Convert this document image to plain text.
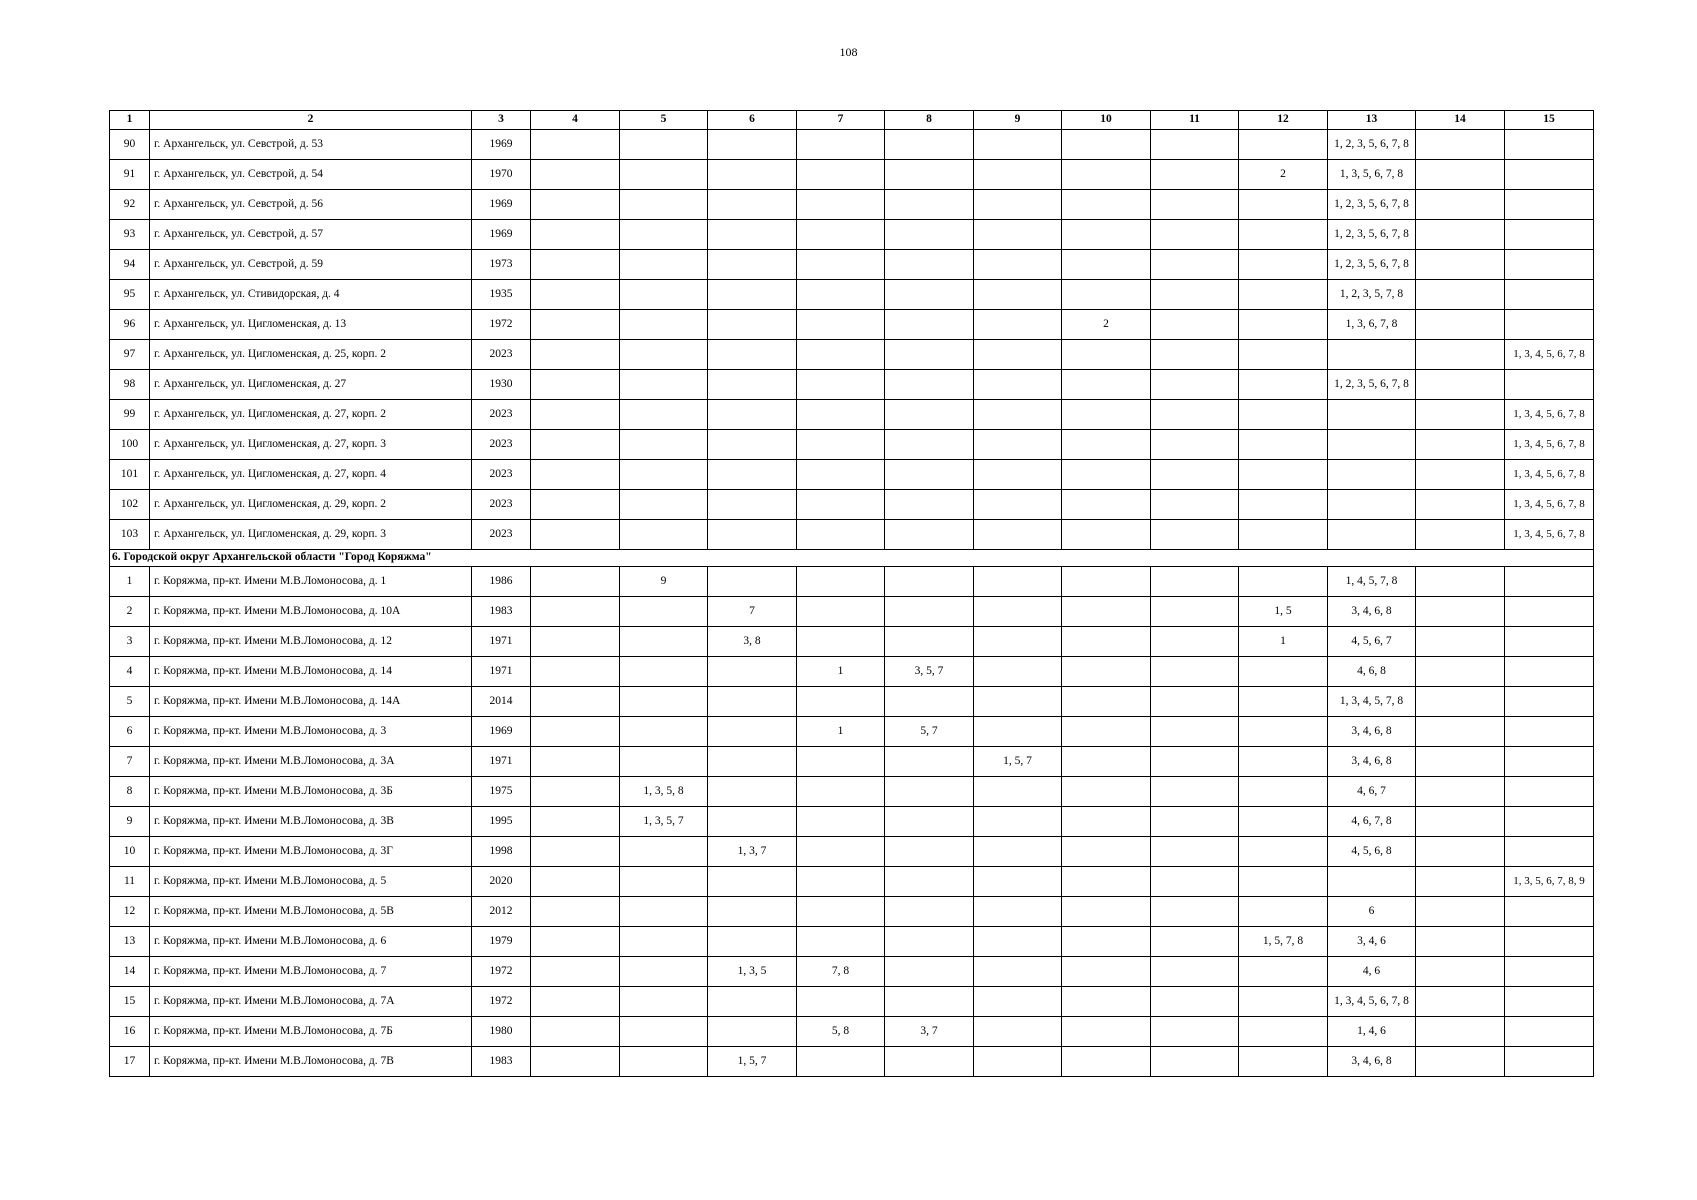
108
1	2	3	4	5	6	7	8	9	10	11	12	13	14	15
90	г. Архангельск, ул. Севстрой, д. 53	1969										1, 2, 3, 5, 6, 7, 8		
91	г. Архангельск, ул. Севстрой, д. 54	1970									2	1, 3, 5, 6, 7, 8		
92	г. Архангельск, ул. Севстрой, д. 56	1969										1, 2, 3, 5, 6, 7, 8		
93	г. Архангельск, ул. Севстрой, д. 57	1969										1, 2, 3, 5, 6, 7, 8		
94	г. Архангельск, ул. Севстрой, д. 59	1973										1, 2, 3, 5, 6, 7, 8		
95	г. Архангельск, ул. Стивидорская, д. 4	1935										1, 2, 3, 5, 7, 8		
96	г. Архангельск, ул. Цигломенская, д. 13	1972							2			1, 3, 6, 7, 8		
97	г. Архангельск, ул. Цигломенская, д. 25, корп. 2	2023												1, 3, 4, 5, 6, 7, 8
98	г. Архангельск, ул. Цигломенская, д. 27	1930										1, 2, 3, 5, 6, 7, 8		
99	г. Архангельск, ул. Цигломенская, д. 27, корп. 2	2023												1, 3, 4, 5, 6, 7, 8
100	г. Архангельск, ул. Цигломенская, д. 27, корп. 3	2023												1, 3, 4, 5, 6, 7, 8
101	г. Архангельск, ул. Цигломенская, д. 27, корп. 4	2023												1, 3, 4, 5, 6, 7, 8
102	г. Архангельск, ул. Цигломенская, д. 29, корп. 2	2023												1, 3, 4, 5, 6, 7, 8
103	г. Архангельск, ул. Цигломенская, д. 29, корп. 3	2023												1, 3, 4, 5, 6, 7, 8
6. Городской округ Архангельской области "Город Коряжма"														
1	г. Коряжма, пр-кт. Имени М.В.Ломоносова, д. 1	1986		9								1, 4, 5, 7, 8		
2	г. Коряжма, пр-кт. Имени М.В.Ломоносова, д. 10А	1983			7						1, 5	3, 4, 6, 8		
3	г. Коряжма, пр-кт. Имени М.В.Ломоносова, д. 12	1971			3, 8						1	4, 5, 6, 7		
4	г. Коряжма, пр-кт. Имени М.В.Ломоносова, д. 14	1971				1	3, 5, 7					4, 6, 8		
5	г. Коряжма, пр-кт. Имени М.В.Ломоносова, д. 14А	2014										1, 3, 4, 5, 7, 8		
6	г. Коряжма, пр-кт. Имени М.В.Ломоносова, д. 3	1969				1	5, 7					3, 4, 6, 8		
7	г. Коряжма, пр-кт. Имени М.В.Ломоносова, д. 3А	1971						1, 5, 7				3, 4, 6, 8		
8	г. Коряжма, пр-кт. Имени М.В.Ломоносова, д. 3Б	1975		1, 3, 5, 8								4, 6, 7		
9	г. Коряжма, пр-кт. Имени М.В.Ломоносова, д. 3В	1995		1, 3, 5, 7								4, 6, 7, 8		
10	г. Коряжма, пр-кт. Имени М.В.Ломоносова, д. 3Г	1998			1, 3, 7							4, 5, 6, 8		
11	г. Коряжма, пр-кт. Имени М.В.Ломоносова, д. 5	2020												1, 3, 5, 6, 7, 8, 9
12	г. Коряжма, пр-кт. Имени М.В.Ломоносова, д. 5В	2012										6		
13	г. Коряжма, пр-кт. Имени М.В.Ломоносова, д. 6	1979									1, 5, 7, 8	3, 4, 6		
14	г. Коряжма, пр-кт. Имени М.В.Ломоносова, д. 7	1972			1, 3, 5	7, 8						4, 6		
15	г. Коряжма, пр-кт. Имени М.В.Ломоносова, д. 7А	1972										1, 3, 4, 5, 6, 7, 8		
16	г. Коряжма, пр-кт. Имени М.В.Ломоносова, д. 7Б	1980				5, 8	3, 7					1, 4, 6		
17	г. Коряжма, пр-кт. Имени М.В.Ломоносова, д. 7В	1983			1, 5, 7							3, 4, 6, 8		
